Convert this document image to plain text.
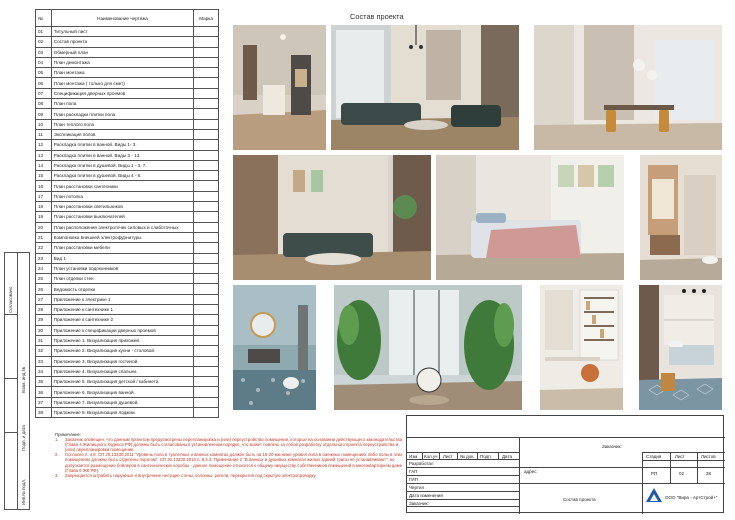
Согласовано
Взам. инд.№
Подп. и дата
Инв.№ подл.
№	Наименование чертежа	Марка
01	Титульный лист	
02	Состав проекта	
03	Обмерный план	
04	План демонтажа	
05	План монтажа	
06	План монтажа ( только для смет)	
07	Спецификация дверных проемов	
08	План пола	
09	План раскладки плитки пола	
10	План теплого пола	
11	Экспликация полов	
12	Раскладка плитки в ванной. Виды 1- 3.	
13	Раскладка плитки в ванной. Виды 3 - 13.	
14	Раскладка плитки в душевой. Виды 1 - 3, 7.	
15	Раскладка плитки в душевой. Виды 4 - 6.	
16	План расстановки сантехники	
17	План потолка	
18	План расстановки светильников	
19	План расстановки выключателей	
20	План расположения электроточек силовых и слаботочных	
21	Компоновка внешней электрофурнитуры	
22	План расстановки мебели	
23	Вид 1	
24	План установки подоконников	
25	План отделки стен	
26	Ведомость отделки	
27	Приложение к электрике 1	
28	Приложение к сантехнике 1	
29	Приложение к сантехнике 2	
30	Приложение к спецификации дверных проемов	
31	Приложение 1. Визуализация прихожей.	
32	Приложение 2. Визуализация кухни - столовой.	
33	Приложение 3. Визуализация гостиной.	
34	Приложение 4. Визуализация спальни.	
35	Приложение 5. Визуализация детской / кабинета.	
36	Приложение 6. Визуализация ванной.	
37	Приложение 7. Визуализация душевой.	
38	Приложение 8. Визуализация лоджии.	
Состав проекта
Примечание:
1.	Заказчик оповещен, что данным проектом предусмотрены перепланировка и (или) переустройство помещения, которые на основании действующего законодательства (Глава 4 Жилищного Кодекса РФ) должны быть согласованы в установленном порядке, что может повлечь за собой разработку отдельного проекта переустройства и (или) перепланировки помещения.
2.	Согласно п. 4.8. СП 29.13330.2011 "Уровень пола в туалетных и ванных комнатах должен быть на 15-20 мм ниже уровня пола в смежных помещениях либо полы в этих помещениях должны быть отделены порогом". СП 30.13330.2016 п. 8.5.3. Примечание 2 "В ванных и душевых комнатах жилых зданий трапы не устанавливают", не допускается размещение бойлеров в сантехнических коробах - данное помещение относится к общему имуществу собственников помещений в многоквартирном доме (Глава 6 ЖК РФ).
3.	Запрещается штрабить наружные и внутренние несущие стены, колонны, ригели, перекрытия под скрытую электропроводку.
Заказчик:
адрес:
Изм. Кол.уч Лист № док. Подп. Дата
Разработал
ГАП
ГИП
Чертил
Дата изменения
Заказчик:
Стадия	Лист	Листов
РП	02	38
Состав проекта	ООО "Вира - АртСтрой+"
